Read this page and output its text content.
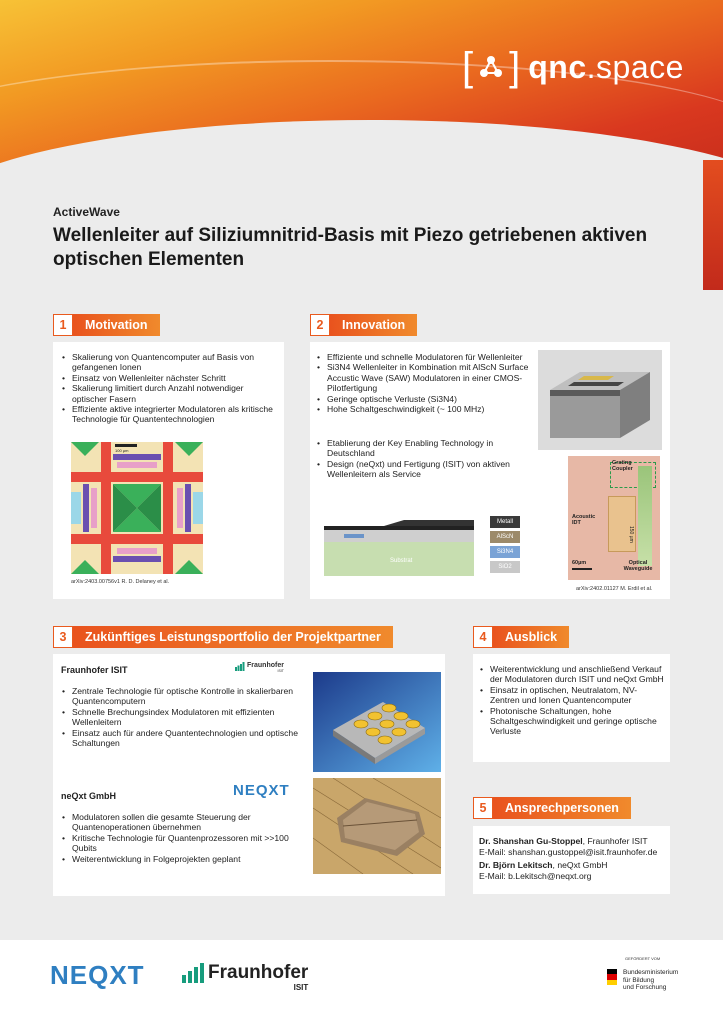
[ ] qnc.space
ActiveWave
Wellenleiter auf Siliziumnitrid-Basis mit Piezo getriebenen aktiven optischen Elementen
1	Motivation
• Skalierung von Quantencomputer auf Basis von gefangenen Ionen
• Einsatz von Wellenleiter nächster Schritt
• Skalierung limitiert durch Anzahl notwendiger optischer Fasern
• Effiziente aktive integrierter Modulatoren als kritische Technologie für Quantentechnologien
100 µm
arXiv:2403.00756v1 R. D. Delaney et al.
2	Innovation
• Effiziente und schnelle Modulatoren für Wellenleiter
• Si3N4 Wellenleiter in Kombination mit AlScN Surface Accustic Wave (SAW) Modulatoren in einer CMOS-Pilotfertigung
• Geringe optische Verluste (Si3N4)
• Hohe Schaltgeschwindigkeit (~ 100 MHz)
• Etablierung der Key Enabling Technology in Deutschland
• Design (neQxt) und Fertigung (ISIT) von aktiven Wellenleitern als Service
Substrat
Metall
AlScN
Si3N4
SiO2
Grating Coupler
Acoustic IDT
Optical Waveguide
150 µm
60µm
arXiv:2402.01127 M. Erdil et al.
3	Zukünftiges Leistungsportfolio der Projektpartner
Fraunhofer ISIT	Fraunhofer
ISIT
• Zentrale Technologie für optische Kontrolle in skalierbaren Quantencomputern
• Schnelle Brechungsindex Modulatoren mit effizienten Wellenleitern
• Einsatz auch für andere Quantentechnologien und optische Schaltungen
neQxt GmbH	NEQXT
• Modulatoren sollen die gesamte Steuerung der Quantenoperationen übernehmen
• Kritische Technologie für Quantenprozessoren mit >>100 Qubits
• Weiterentwicklung in Folgeprojekten geplant
4	Ausblick
• Weiterentwicklung und anschließend Verkauf der Modulatoren durch ISIT und neQxt GmbH
• Einsatz in optischen, Neutralatom, NV-Zentren und Ionen Quantencomputer
• Photonische Schaltungen, hohe Schaltgeschwindigkeit und geringe optische Verluste
5	Ansprechpersonen
Dr. Shanshan Gu-Stoppel, Fraunhofer ISIT
E-Mail: shanshan.gustoppel@isit.fraunhofer.de
Dr. Björn Lekitsch, neQxt GmbH
E-Mail: b.Lekitsch@neqxt.org
NEQXT	Fraunhofer
ISIT
GEFÖRDERT VOM
Bundesministerium
für Bildung
und Forschung
